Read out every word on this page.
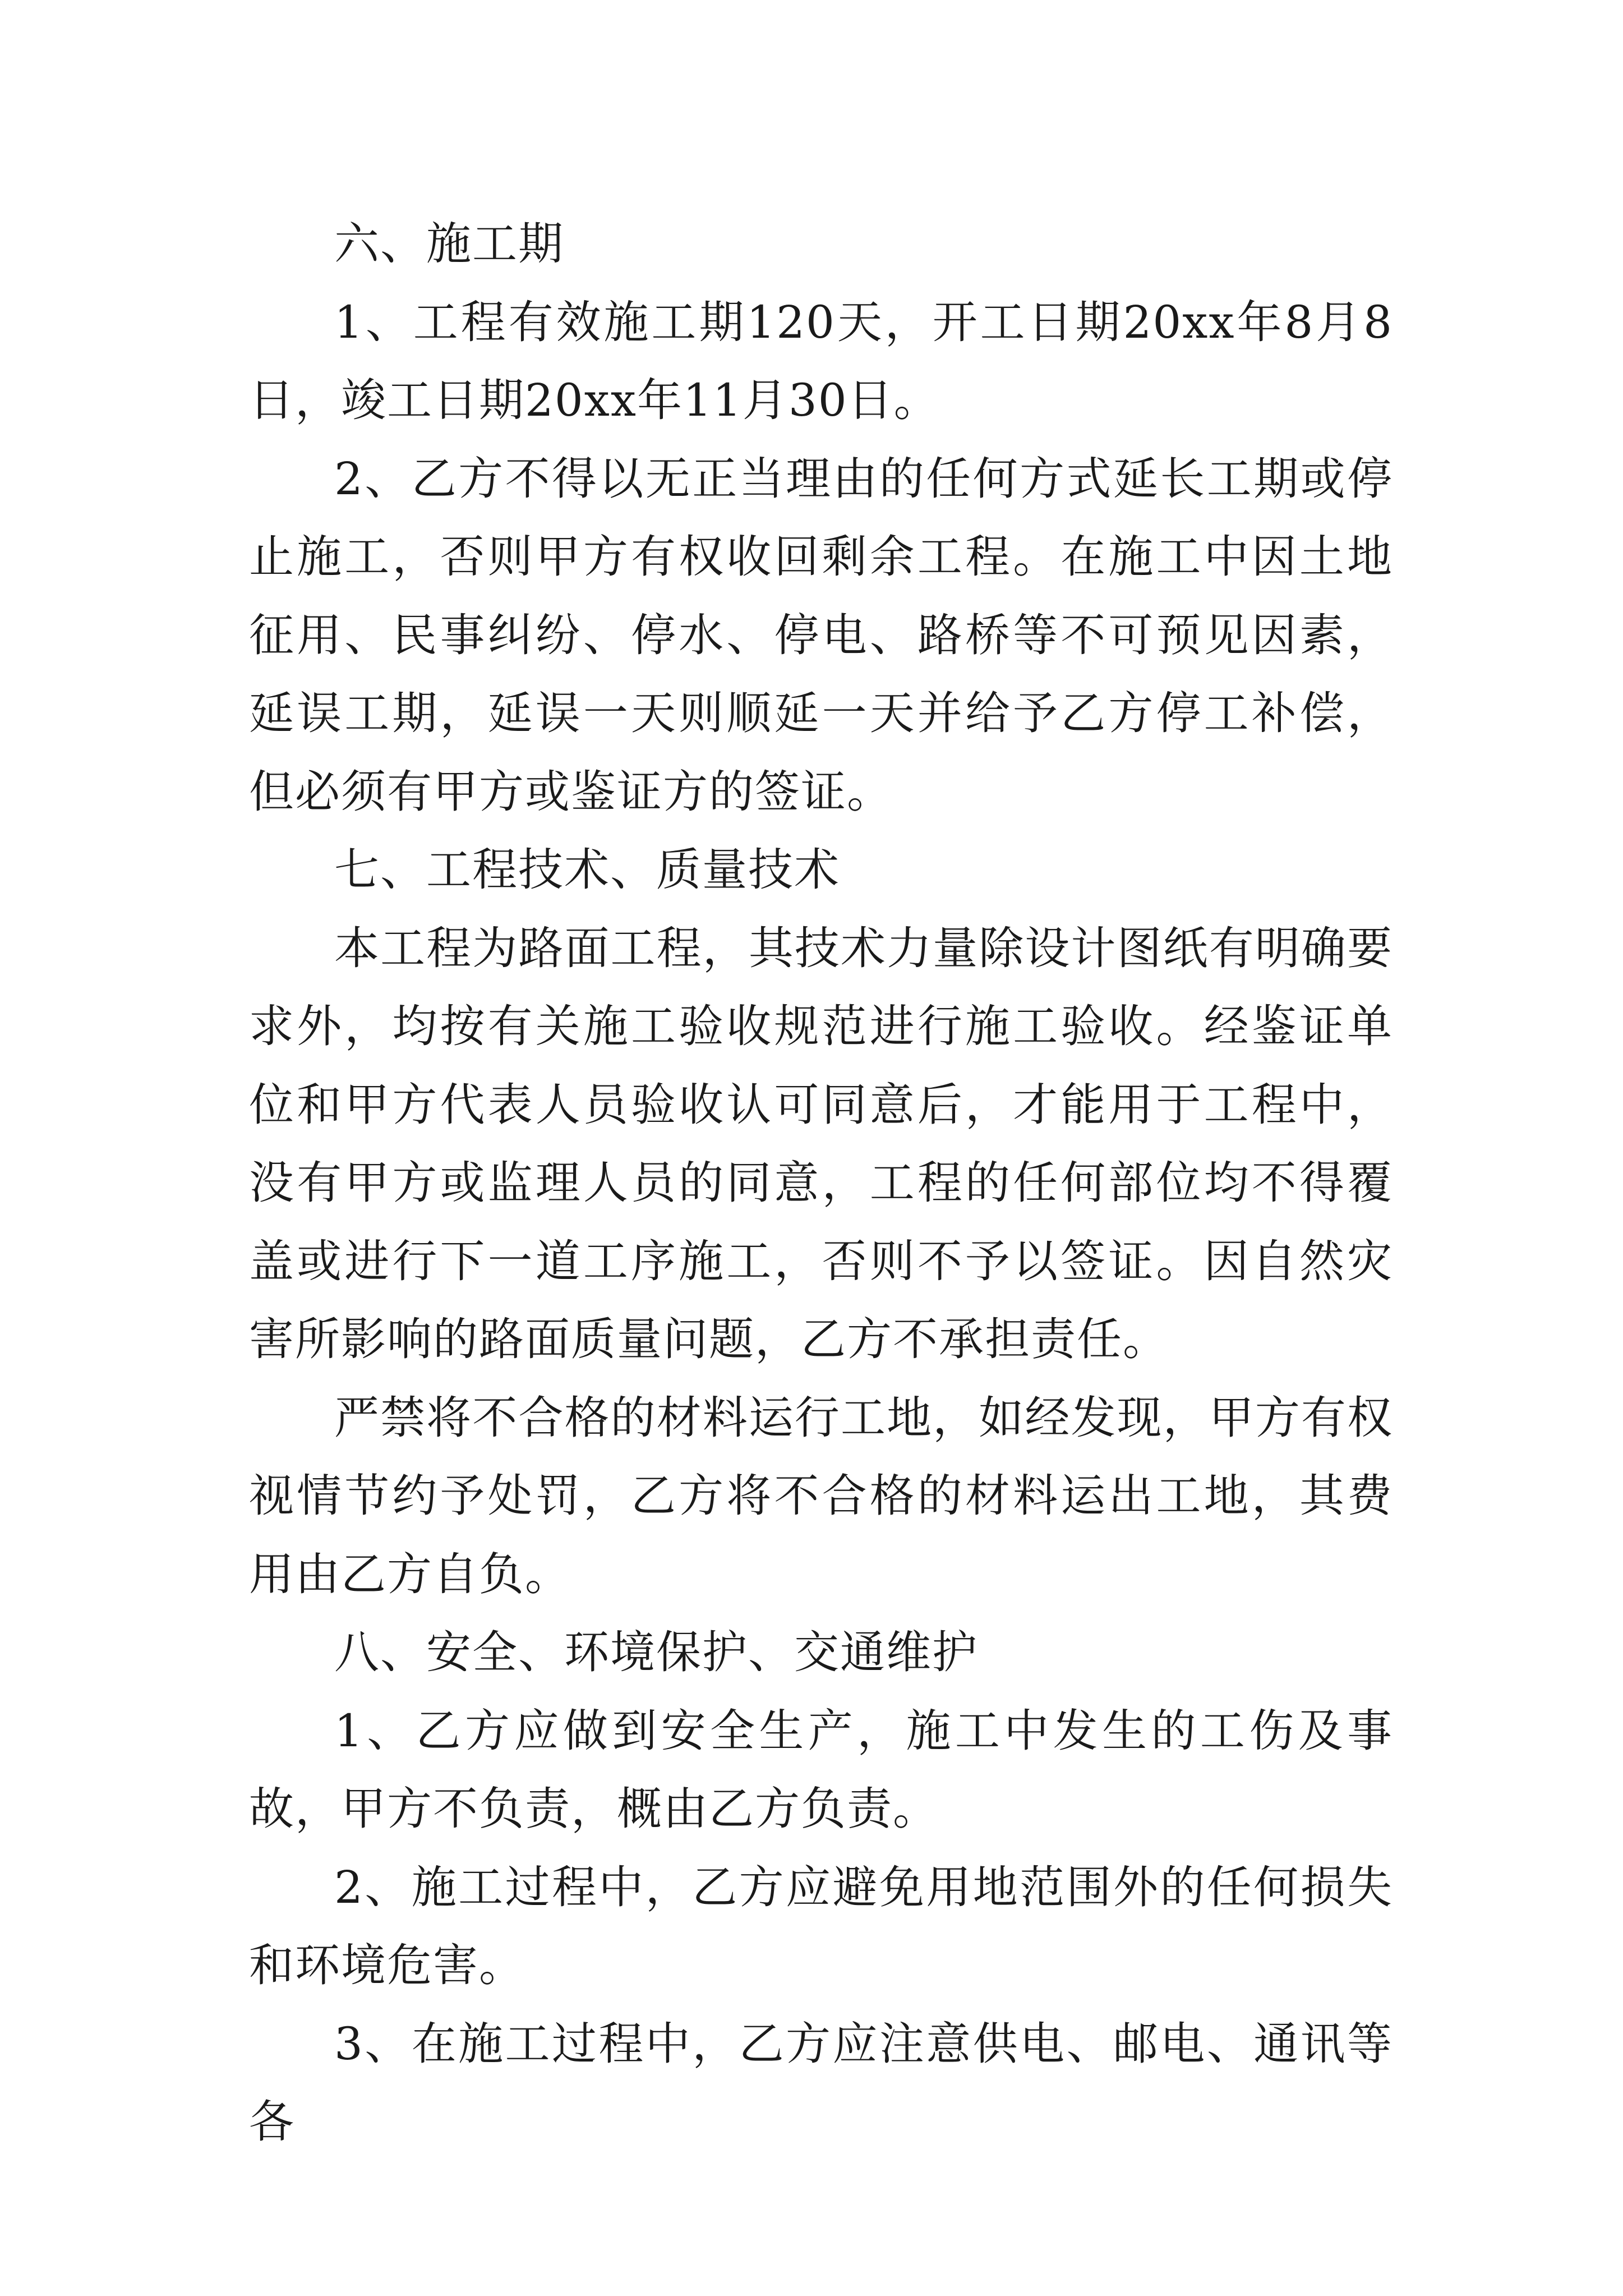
六、施工期

1、工程有效施工期120天，开工日期20xx年8月8日，竣工日期20xx年11月30日。

2、乙方不得以无正当理由的任何方式延长工期或停止施工，否则甲方有权收回剩余工程。在施工中因土地征用、民事纠纷、停水、停电、路桥等不可预见因素，延误工期，延误一天则顺延一天并给予乙方停工补偿，但必须有甲方或鉴证方的签证。

七、工程技术、质量技术

本工程为路面工程，其技术力量除设计图纸有明确要求外，均按有关施工验收规范进行施工验收。经鉴证单位和甲方代表人员验收认可同意后，才能用于工程中，没有甲方或监理人员的同意，工程的任何部位均不得覆盖或进行下一道工序施工，否则不予以签证。因自然灾害所影响的路面质量问题，乙方不承担责任。

严禁将不合格的材料运行工地，如经发现，甲方有权视情节约予处罚，乙方将不合格的材料运出工地，其费用由乙方自负。

八、安全、环境保护、交通维护

1、乙方应做到安全生产，施工中发生的工伤及事故，甲方不负责，概由乙方负责。

2、施工过程中，乙方应避免用地范围外的任何损失和环境危害。

3、在施工过程中，乙方应注意供电、邮电、通讯等各
